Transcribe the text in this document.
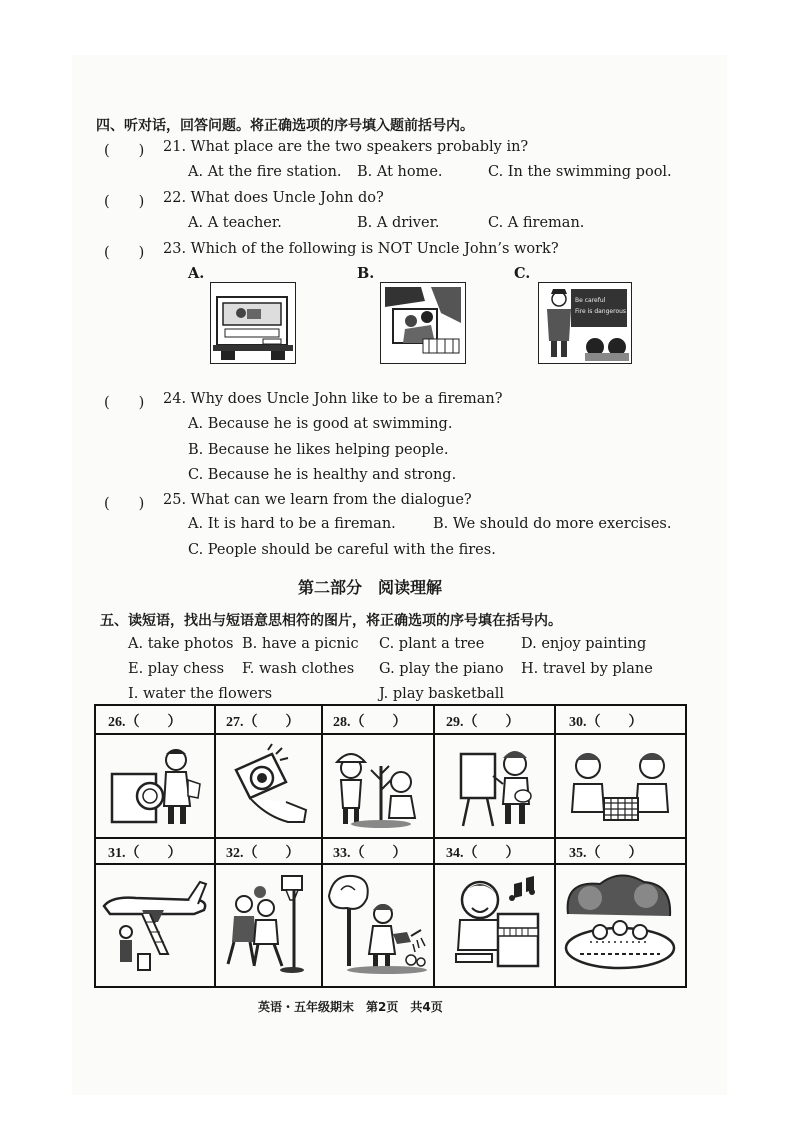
四、听对话，回答问题。将正确选项的序号填入题前括号内。
(　　) 21. What place are the two speakers probably in?
A. At the fire station. B. At home.	C. In the swimming pool.
(　　) 22. What does Uncle John do?
A. A teacher.	B. A driver.	C. A fireman.
(　　) 23. Which of the following is NOT Uncle John’s work?
A.	B.	C.
Be careful
Fire is dangerous
(　　) 24. Why does Uncle John like to be a fireman?
A. Because he is good at swimming.
B. Because he likes helping people.
C. Because he is healthy and strong.
(　　) 25. What can we learn from the dialogue?
A. It is hard to be a fireman.	B. We should do more exercises.
C. People should be careful with the fires.
第二部分　阅读理解
五、读短语，找出与短语意思相符的图片，将正确选项的序号填在括号内。
A. take photos B. have a picnic C. plant a tree	D. enjoy painting
E. play chess F. wash clothes G. play the piano H. travel by plane
I. water the flowers	J. play basketball
26.（　　）	27.（　　） 28.（　　）	29.（　　）	30.（　　）
31.（　　）	32.（　　） 33.（　　）	34.（　　）	35.（　　）
英语・五年级期末　第2页　共4页
